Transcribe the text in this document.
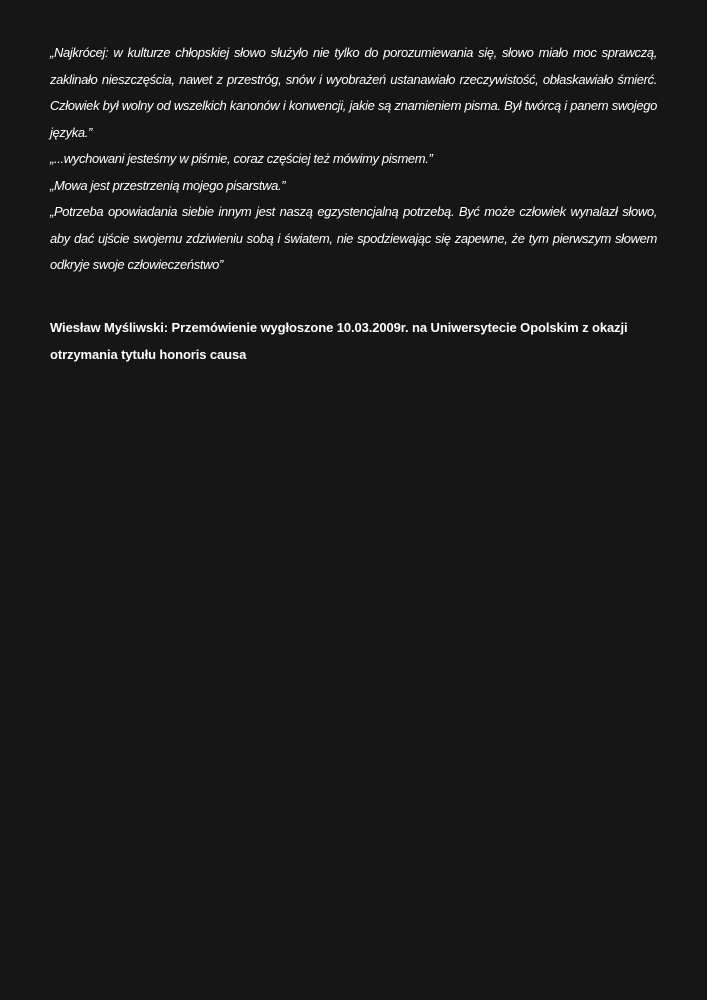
„Najkrócej: w kulturze chłopskiej słowo służyło nie tylko do porozumiewania się, słowo miało moc sprawczą, zaklinało nieszczęścia, nawet z przestróg, snów i wyobrażeń ustanawiało rzeczywistość, obłaskawiało śmierć. Człowiek był wolny od wszelkich kanonów i konwencji, jakie są znamieniem pisma. Był twórcą i panem swojego języka.”

„...wychowani jesteśmy w piśmie, coraz częściej też mówimy pismem.”

„Mowa jest przestrzenią mojego pisarstwa.”

„Potrzeba opowiadania siebie innym jest naszą egzystencjalną potrzebą. Być może człowiek wynalazł słowo, aby dać ujście swojemu zdziwieniu sobą i światem, nie spodziewając się zapewne, że tym pierwszym słowem odkryje swoje człowieczeństwo”

Wiesław Myśliwski: Przemówienie wygłoszone 10.03.2009r. na Uniwersytecie Opolskim z okazji otrzymania tytułu honoris causa
